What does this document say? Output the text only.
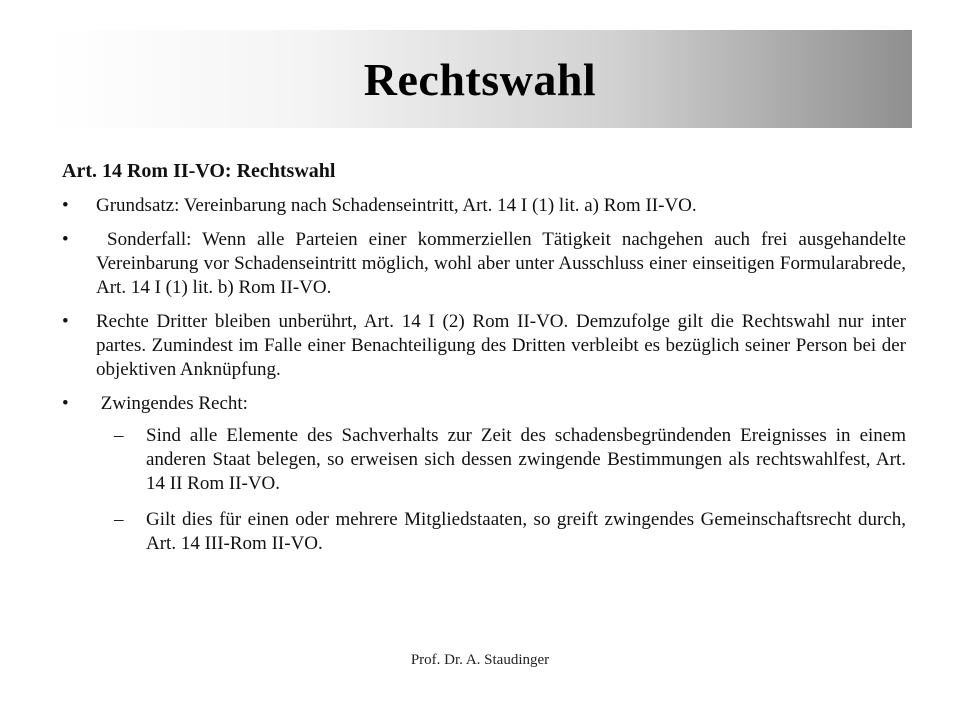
Rechtswahl
Art. 14 Rom II-VO: Rechtswahl
•	Grundsatz: Vereinbarung nach Schadenseintritt, Art. 14 I (1) lit. a) Rom II-VO.
•	Sonderfall: Wenn alle Parteien einer kommerziellen Tätigkeit nachgehen auch frei ausgehandelte Vereinbarung vor Schadenseintritt möglich, wohl aber unter Ausschluss einer einseitigen Formularabrede, Art. 14 I (1) lit. b) Rom II-VO.
•	Rechte Dritter bleiben unberührt, Art. 14 I (2) Rom II-VO. Demzufolge gilt die Rechtswahl nur inter partes. Zumindest im Falle einer Benachteiligung des Dritten verbleibt es bezüglich seiner Person bei der objektiven Anknüpfung.
•	Zwingendes Recht:
–	Sind alle Elemente des Sachverhalts zur Zeit des schadensbegründenden Ereignisses in einem anderen Staat belegen, so erweisen sich dessen zwingende Bestimmungen als rechtswahlfest, Art. 14 II Rom II-VO.
–	Gilt dies für einen oder mehrere Mitgliedstaaten, so greift zwingendes Gemeinschaftsrecht durch, Art. 14 III-Rom II-VO.
Prof. Dr. A. Staudinger
